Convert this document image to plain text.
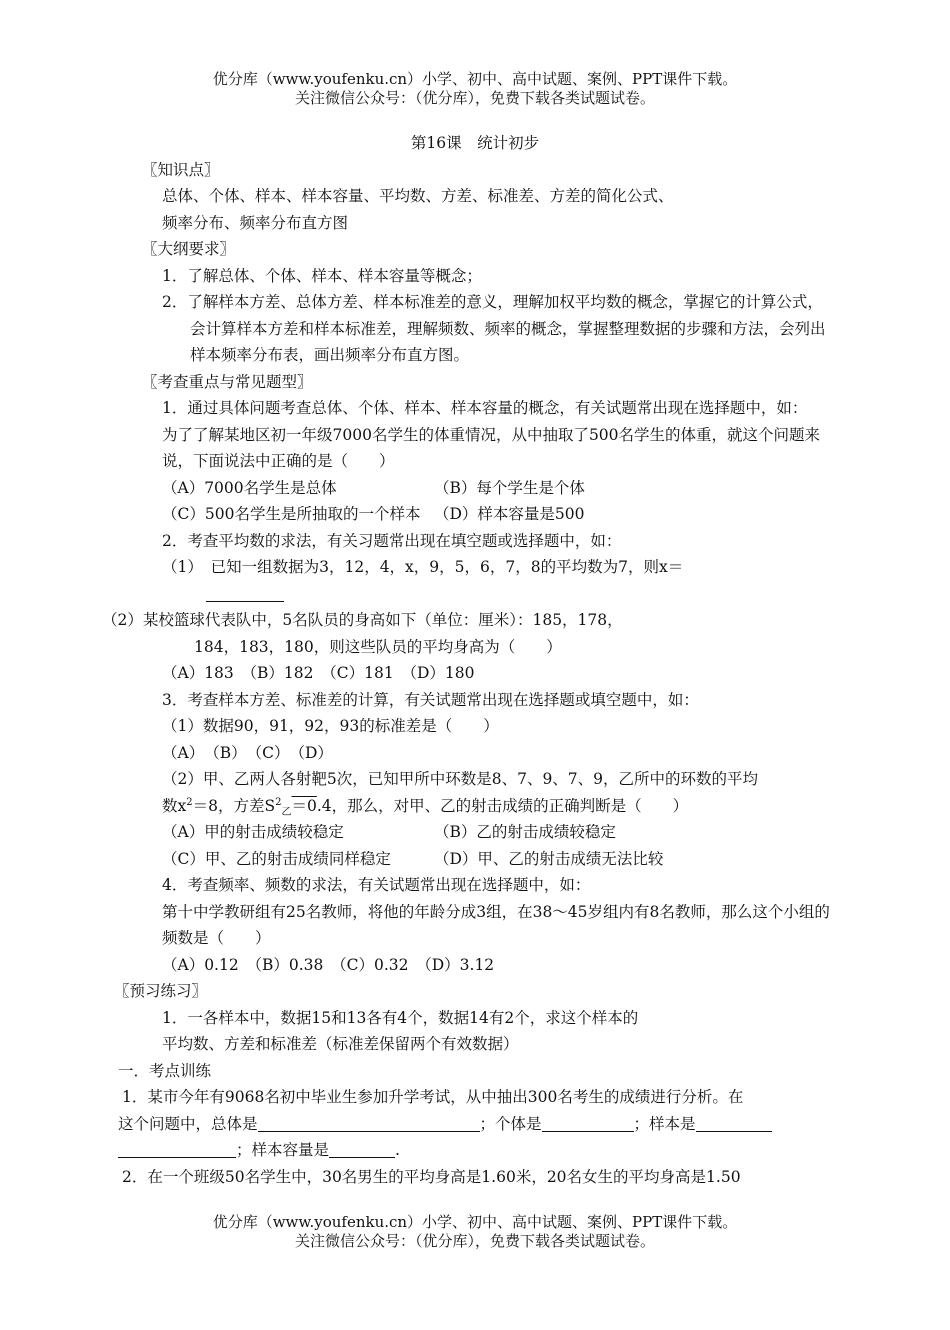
优分库（www.youfenku.cn）小学、初中、高中试题、案例、PPT课件下载。
关注微信公众号：（优分库），免费下载各类试题试卷。
第16课　统计初步
〖知识点〗
总体、个体、样本、样本容量、平均数、方差、标准差、方差的简化公式、
频率分布、频率分布直方图
〖大纲要求〗
1．了解总体、个体、样本、样本容量等概念；
2．了解样本方差、总体方差、样本标准差的意义，理解加权平均数的概念，掌握它的计算公式，会计算样本方差和样本标准差，理解频数、频率的概念，掌握整理数据的步骤和方法，会列出样本频率分布表，画出频率分布直方图。
〖考查重点与常见题型〗
1．通过具体问题考查总体、个体、样本、样本容量的概念，有关试题常出现在选择题中，如：
为了了解某地区初一年级7000名学生的体重情况，从中抽取了500名学生的体重，就这个问题来说，下面说法中正确的是（　　）
（A）7000名学生是总体	（B）每个学生是个体
（C）500名学生是所抽取的一个样本 （D）样本容量是500
2．考查平均数的求法，有关习题常出现在填空题或选择题中，如：
（1）　已知一组数据为3，12，4，x，9，5，6，7，8的平均数为7，则x＝
（2）某校篮球代表队中，5名队员的身高如下（单位：厘米）：185，178，
184，183，180，则这些队员的平均身高为（　　）
（A）183　（B）182　（C）181　（D）180
3．考查样本方差、标准差的计算，有关试题常出现在选择题或填空题中，如：
（1）数据90，91，92，93的标准差是（　　）
（A）　（B）　（C）　（D）
（2）甲、乙两人各射靶5次，已知甲所中环数是8、7、9、7、9，乙所中的环数的平均
数$x^2=8$，方差$S^2_乙=0.4$，那么，对甲、乙的射击成绩的正确判断是（　　）
（A）甲的射击成绩较稳定	（B）乙的射击成绩较稳定
（C）甲、乙的射击成绩同样稳定	（D）甲、乙的射击成绩无法比较
4．考查频率、频数的求法，有关试题常出现在选择题中，如：
第十中学教研组有25名教师，将他的年龄分成3组，在38～45岁组内有8名教师，那么这个小组的频数是（　　）
（A）0.12　（B）0.38　（C）0.32　（D）3.12
〖预习练习〗
1．一各样本中，数据15和13各有4个，数据14有2个，求这个样本的
平均数、方差和标准差（标准差保留两个有效数据）
一．考点训练
1．某市今年有9068名初中毕业生参加升学考试，从中抽出300名考生的成绩进行分析。在
这个问题中，总体是	；个体是	；样本是
；样本容量是	.
2．在一个班级50名学生中，30名男生的平均身高是1.60米，20名女生的平均身高是1.50
优分库（www.youfenku.cn）小学、初中、高中试题、案例、PPT课件下载。
关注微信公众号：（优分库），免费下载各类试题试卷。
